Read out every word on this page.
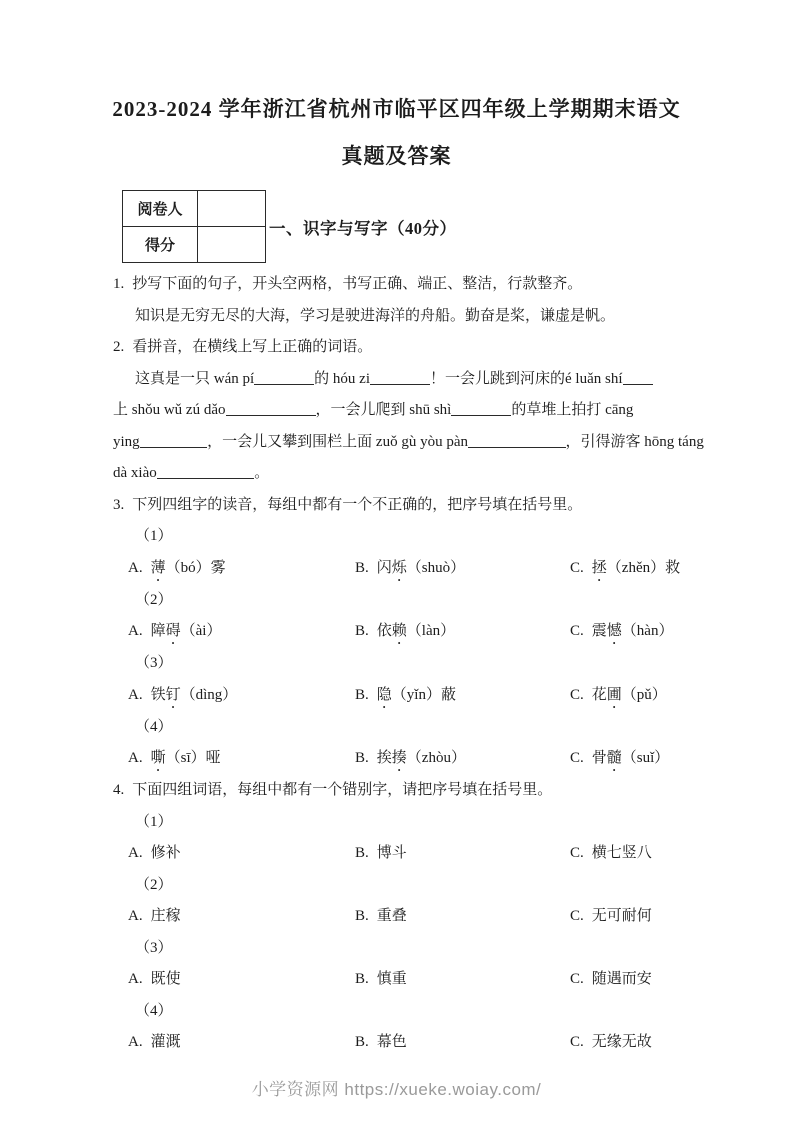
2023-2024 学年浙江省杭州市临平区四年级上学期期末语文
真题及答案
阅卷人	
得分	
一、识字与写字（40分）
1. 抄写下面的句子，开头空两格，书写正确、端正、整洁，行款整齐。
知识是无穷无尽的大海，学习是驶进海洋的舟船。勤奋是桨，谦虚是帆。
2. 看拼音，在横线上写上正确的词语。
这真是一只 wán pí	的 hóu zi	！一会儿跳到河床的é luǎn shí
上 shǒu wǔ zú dǎo	，一会儿爬到 shū shì	的草堆上拍打 cāng
ying	，一会儿又攀到围栏上面 zuǒ gù yòu pàn	，引得游客 hōng táng
dà xiào	。
3. 下列四组字的读音，每组中都有一个不正确的，把序号填在括号里。
（1）
A. 薄（bó）雾	B. 闪烁（shuò）	C. 拯（zhěn）救
（2）
A. 障碍（ài）	B. 依赖（làn）	C. 震憾（hàn）
（3）
A. 铁钉（dìng）	B. 隐（yǐn）蔽	C. 花圃（pǔ）
（4）
A. 嘶（sī）哑	B. 挨揍（zhòu）	C. 骨髓（suǐ）
4. 下面四组词语，每组中都有一个错别字，请把序号填在括号里。
（1）
A. 修补	B. 博斗	C. 横七竖八
（2）
A. 庄稼	B. 重叠	C. 无可耐何
（3）
A. 既使	B. 慎重	C. 随遇而安
（4）
A. 灌溉	B. 幕色	C. 无缘无故
小学资源网 https://xueke.woiay.com/
